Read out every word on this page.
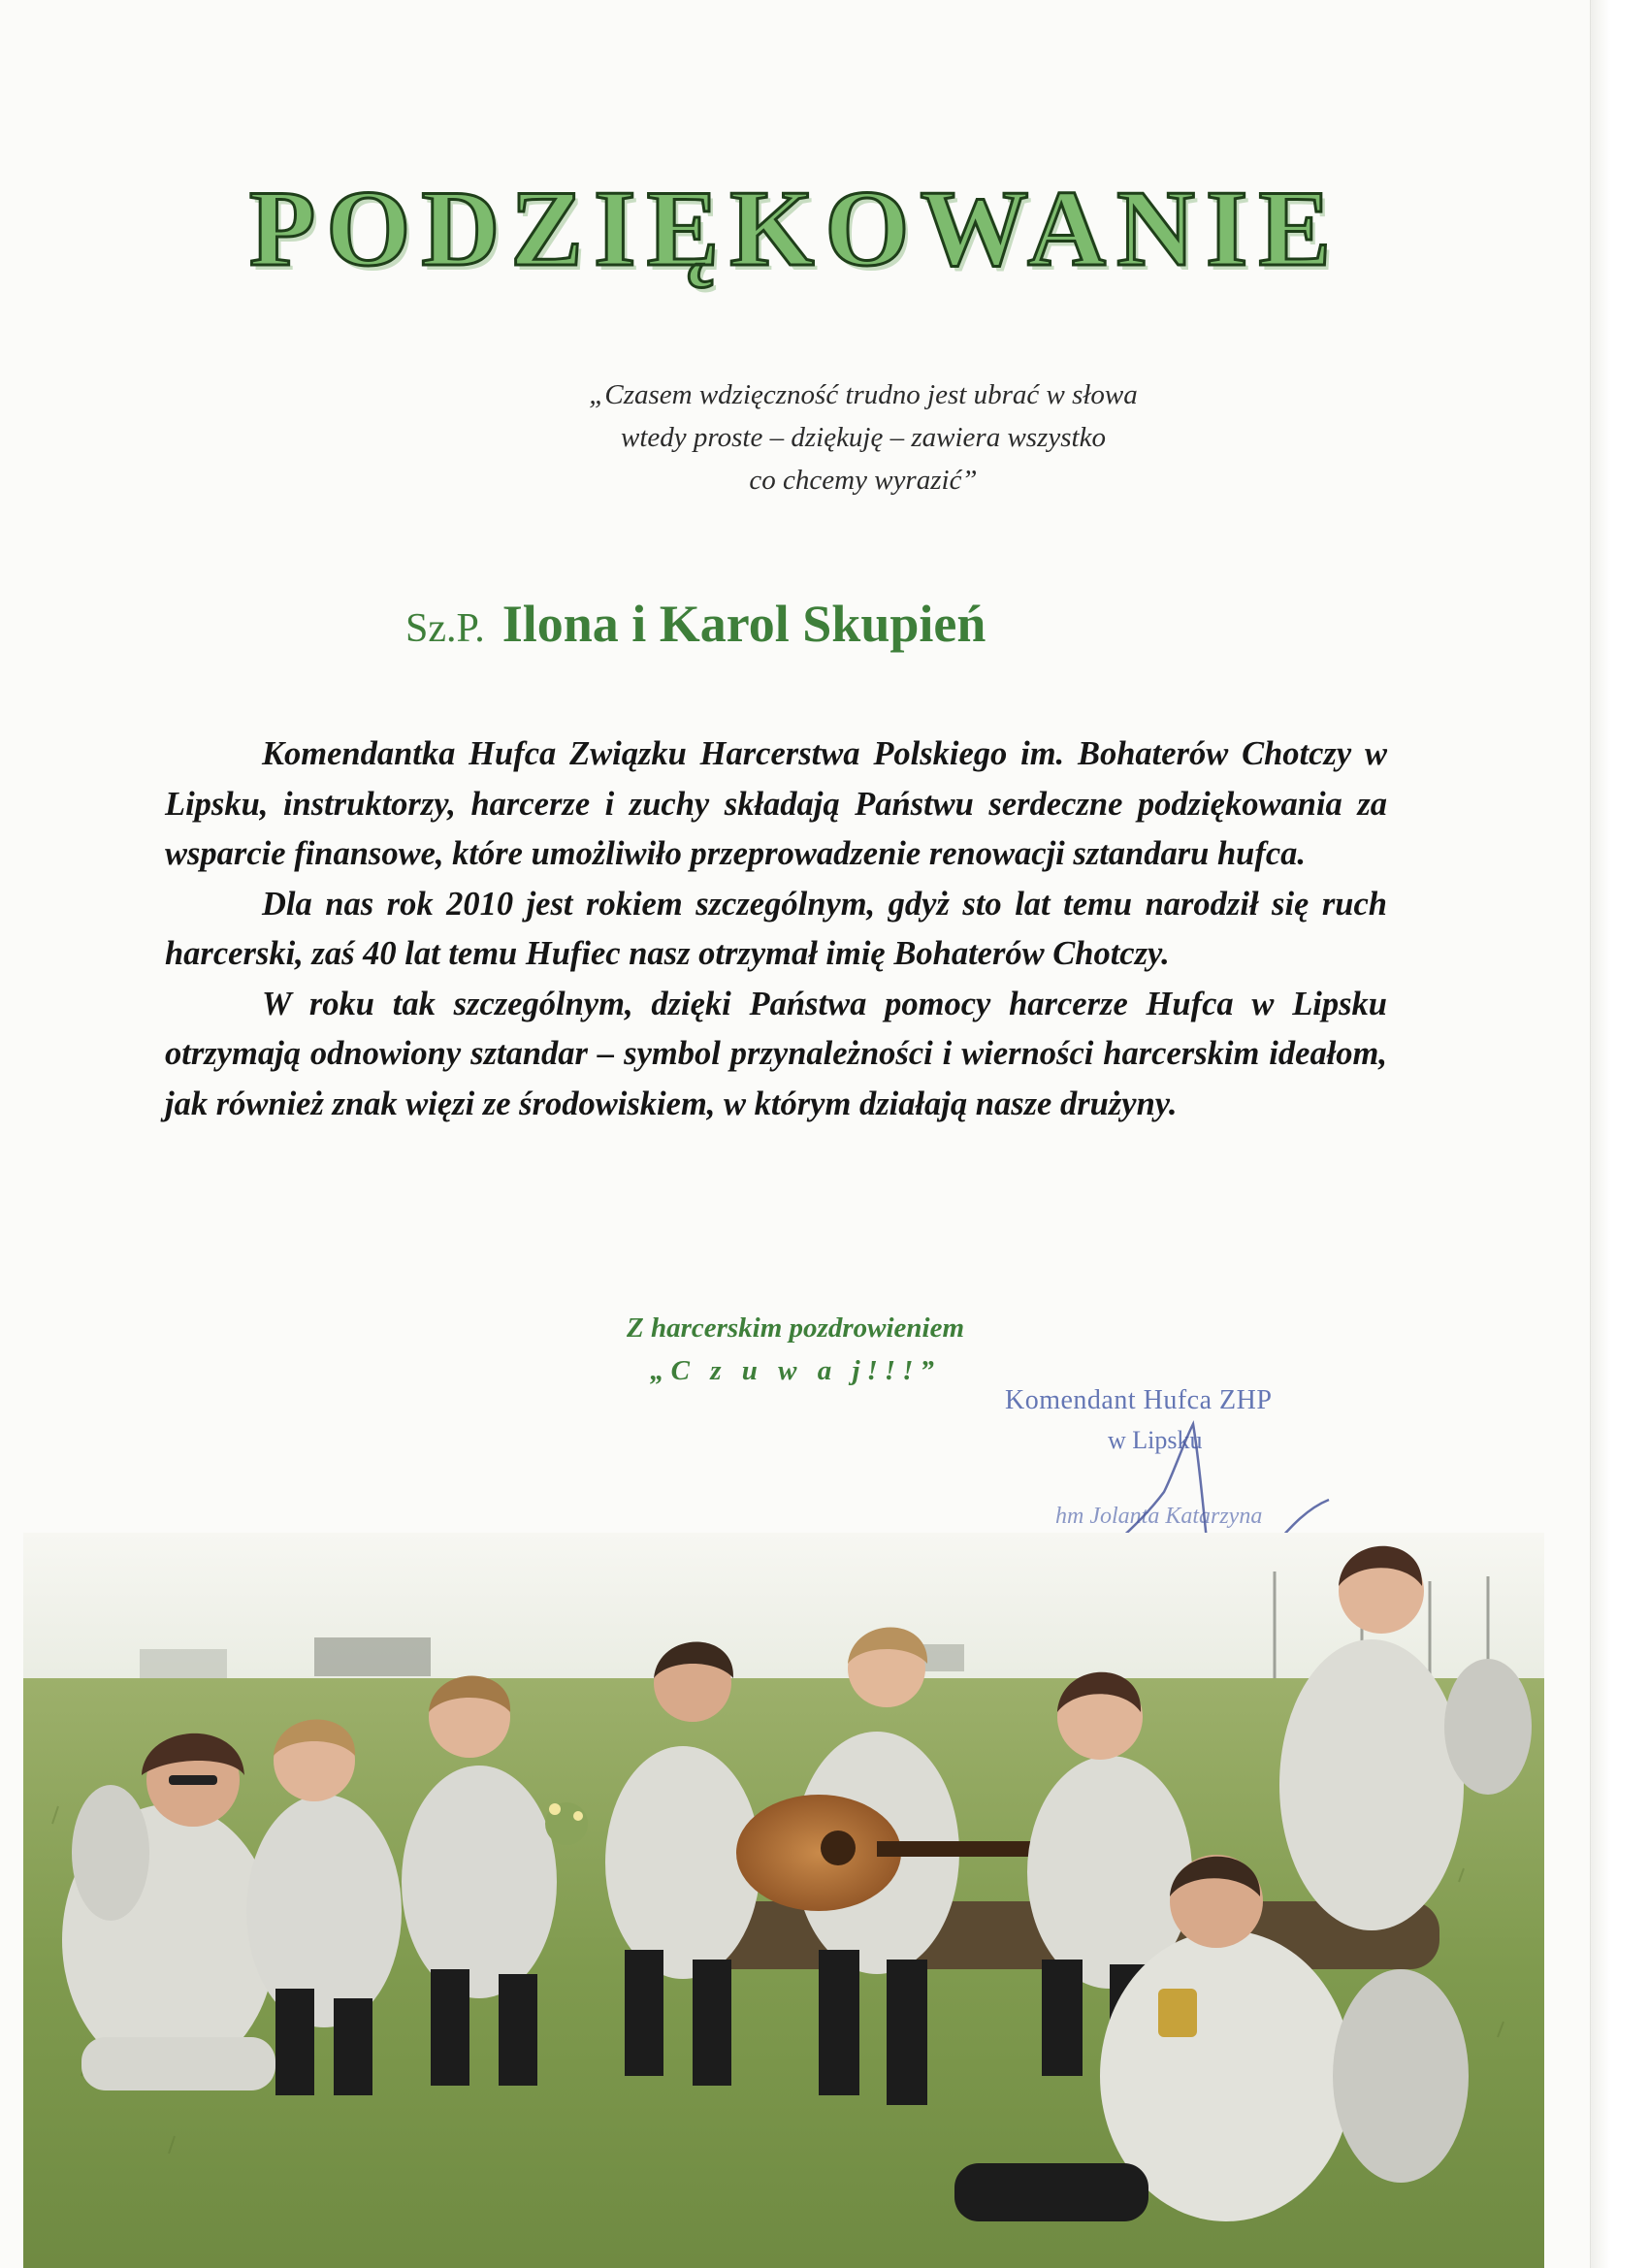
PODZIĘKOWANIE
„Czasem wdzięczność trudno jest ubrać w słowa
wtedy proste – dziękuję – zawiera wszystko
co chcemy wyrazić”
Sz.P. Ilona i Karol Skupień

Komendantka Hufca Związku Harcerstwa Polskiego im. Bohaterów Chotczy w Lipsku, instruktorzy, harcerze i zuchy składają Państwu serdeczne podziękowania za wsparcie finansowe, które umożliwiło przeprowadzenie renowacji sztandaru hufca.

Dla nas rok 2010 jest rokiem szczególnym, gdyż sto lat temu narodził się ruch harcerski, zaś 40 lat temu Hufiec nasz otrzymał imię Bohaterów Chotczy.

W roku tak szczególnym, dzięki Państwa pomocy harcerze Hufca w Lipsku otrzymają odnowiony sztandar – symbol przynależności i wierności harcerskim ideałom, jak również znak więzi ze środowiskiem, w którym działają nasze drużyny.

Z harcerskim pozdrowieniem
„C z u w a j!!!”
Komendant Hufca ZHP
w Lipsku
hm Jolanta Katarzyna
